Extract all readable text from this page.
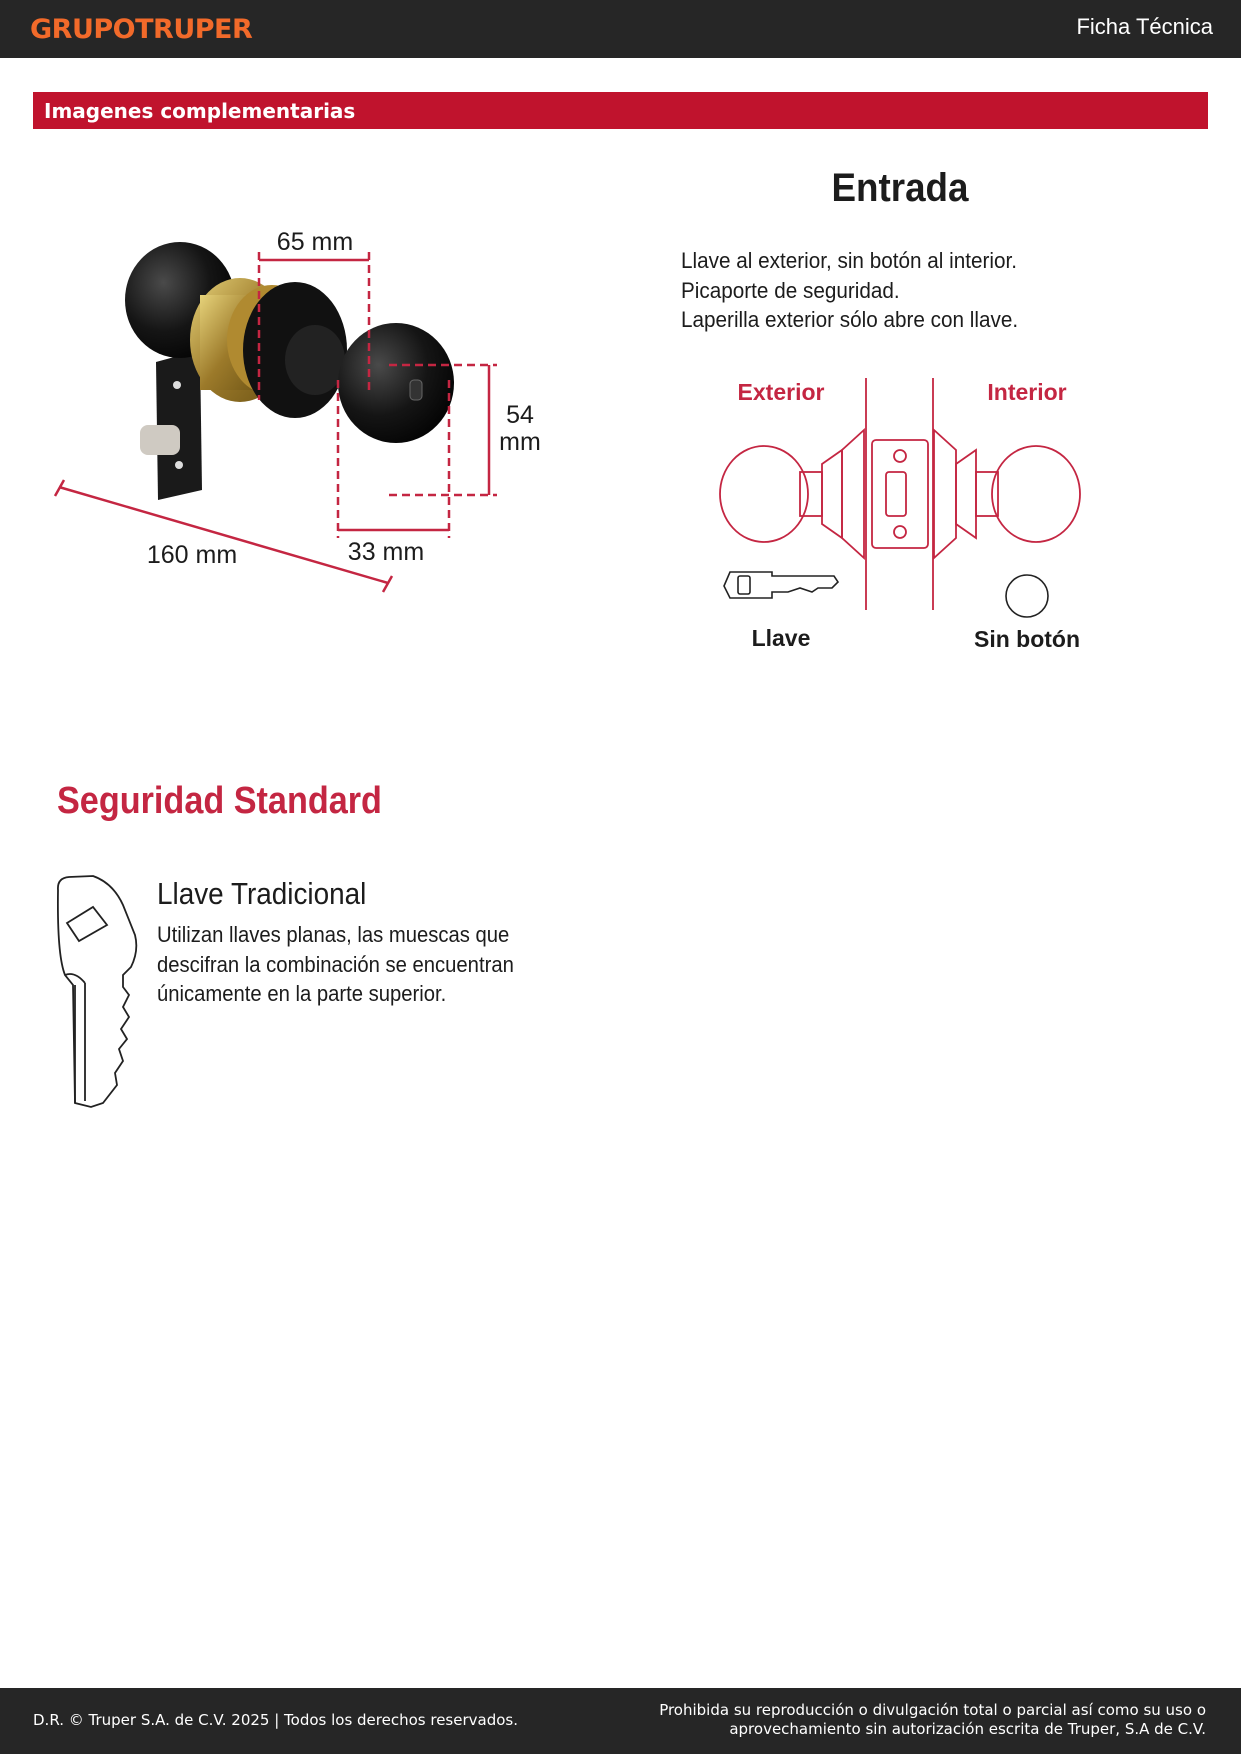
GRUPOTRUPER	Ficha Técnica
Imagenes complementarias
65 mm
54
mm
33 mm
160 mm
Entrada
Llave al exterior, sin botón al interior.
Picaporte de seguridad.
Laperilla exterior sólo abre con llave.
Exterior	Interior
Llave	Sin botón
Seguridad Standard
Llave Tradicional
Utilizan llaves planas, las muescas que
descifran la combinación se encuentran
únicamente en la parte superior.
D.R. © Truper S.A. de C.V. 2025 | Todos los derechos reservados.
Prohibida su reproducción o divulgación total o parcial así como su uso o
aprovechamiento sin autorización escrita de Truper, S.A de C.V.
